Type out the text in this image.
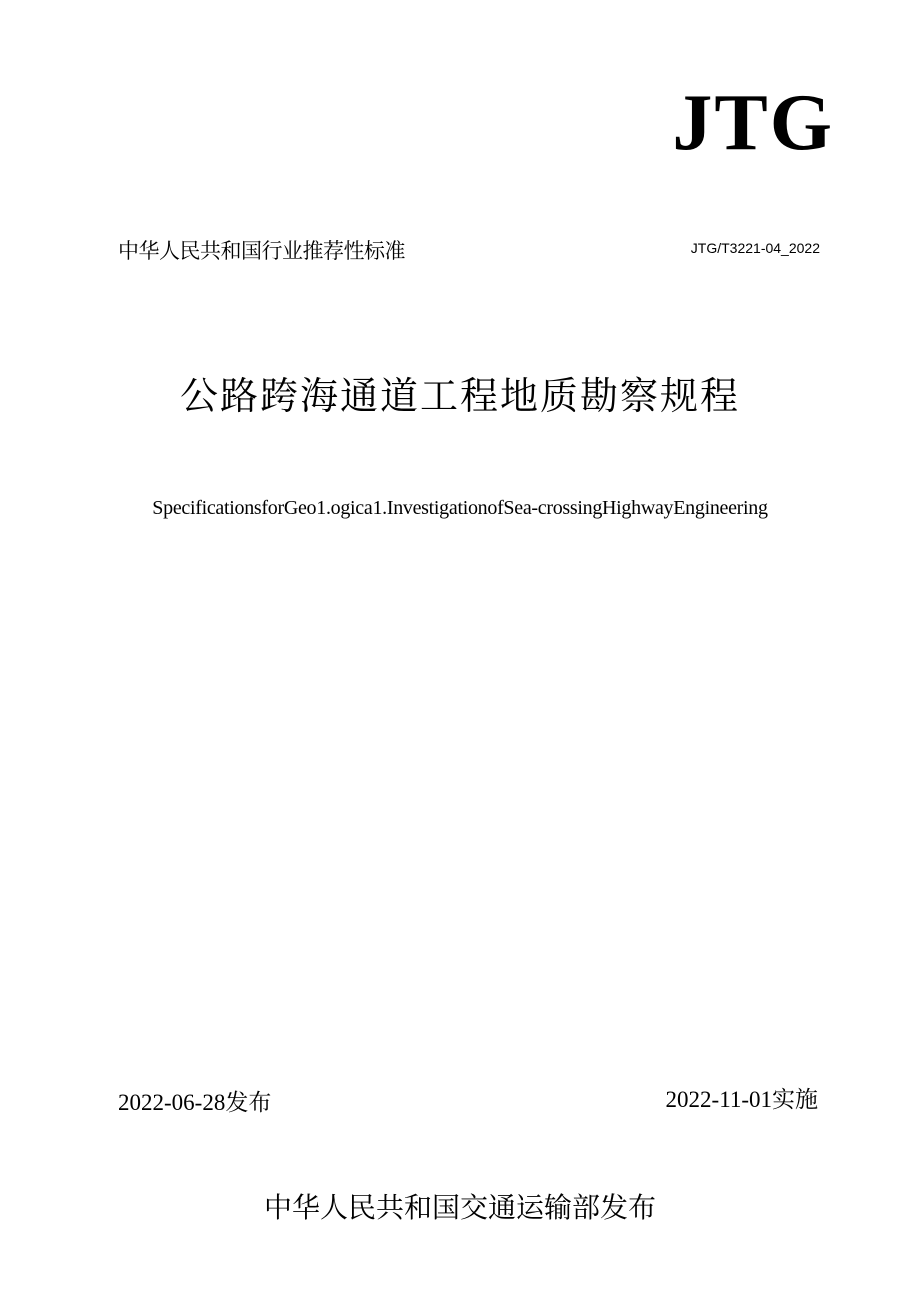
JTG
中华人民共和国行业推荐性标准	JTG/T3221-04_2022
公路跨海通道工程地质勘察规程
SpecificationsforGeo1.ogica1.InvestigationofSea-crossingHighwayEngineering
2022-06-28发布	2022-11-01实施
中华人民共和国交通运输部发布
